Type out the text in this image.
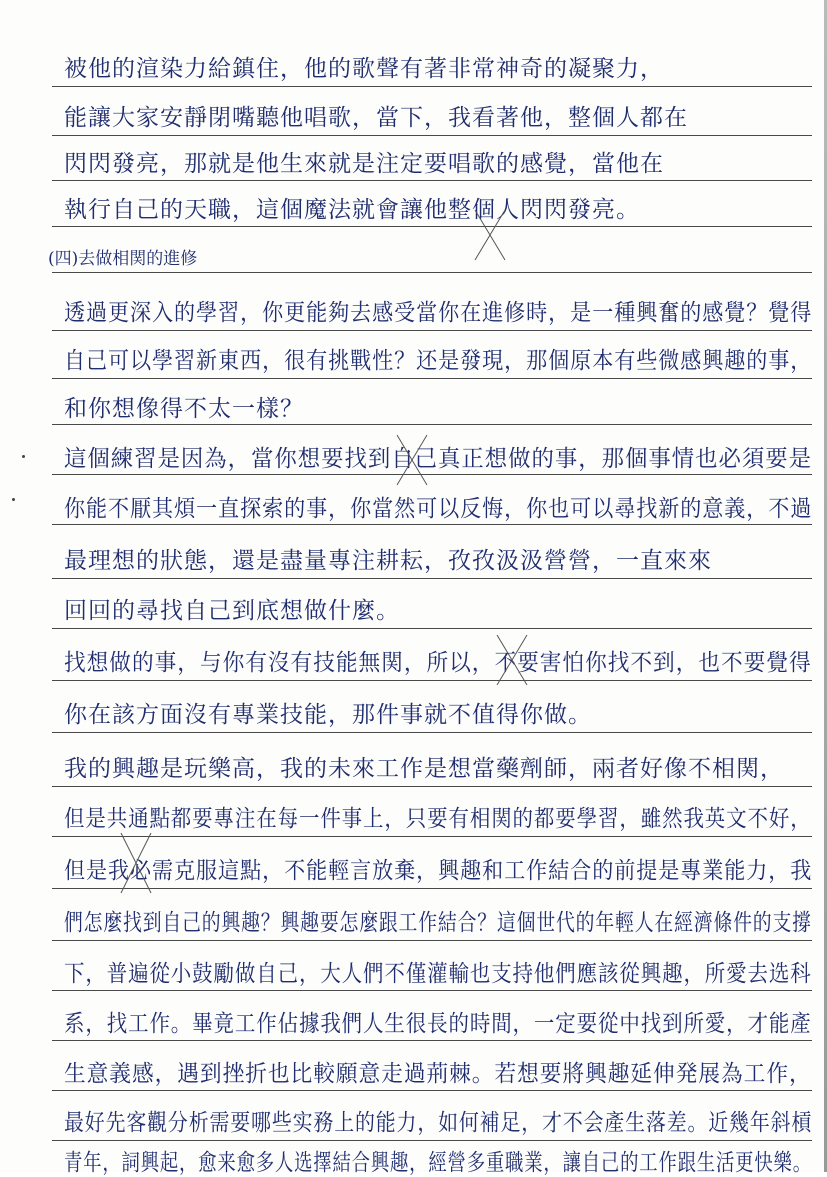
被他的渲染力給鎮住，他的歌聲有著非常神奇的凝聚力，
能讓大家安靜閉嘴聽他唱歌，當下，我看著他，整個人都在
閃閃發亮，那就是他生來就是注定要唱歌的感覺，當他在
執行自己的天職，這個魔法就會讓他整個人閃閃發亮。
(四)去做相関的進修
透過更深入的學習，你更能夠去感受當你在進修時，是一種興奮的感覺？覺得
自己可以學習新東西，很有挑戰性？还是發現，那個原本有些微感興趣的事，
和你想像得不太一樣？
這個練習是因為，當你想要找到自己真正想做的事，那個事情也必須要是
你能不厭其煩一直探索的事，你當然可以反悔，你也可以尋找新的意義，不過
最理想的狀態，還是盡量專注耕耘，孜孜汲汲營營，一直來來
回回的尋找自己到底想做什麼。
找想做的事，与你有沒有技能無関，所以，不要害怕你找不到，也不要覺得
你在該方面沒有專業技能，那件事就不值得你做。
我的興趣是玩樂高，我的未來工作是想當藥劑師，兩者好像不相関，
但是共通點都要專注在每一件事上，只要有相関的都要學習，雖然我英文不好，
但是我必需克服這點，不能輕言放棄，興趣和工作結合的前提是專業能力，我
們怎麼找到自己的興趣？興趣要怎麼跟工作結合？這個世代的年輕人在經濟條件的支撐
下，普遍從小鼓勵做自己，大人們不僅灌輸也支持他們應該從興趣，所愛去选科
系，找工作。畢竟工作佔據我們人生很長的時間，一定要從中找到所愛，才能產
生意義感，遇到挫折也比較願意走過荊棘。若想要將興趣延伸発展為工作，
最好先客觀分析需要哪些实務上的能力，如何補足，才不会產生落差。近幾年斜槓
青年，詞興起，愈来愈多人选擇結合興趣，經營多重職業，讓自己的工作跟生活更快樂。
